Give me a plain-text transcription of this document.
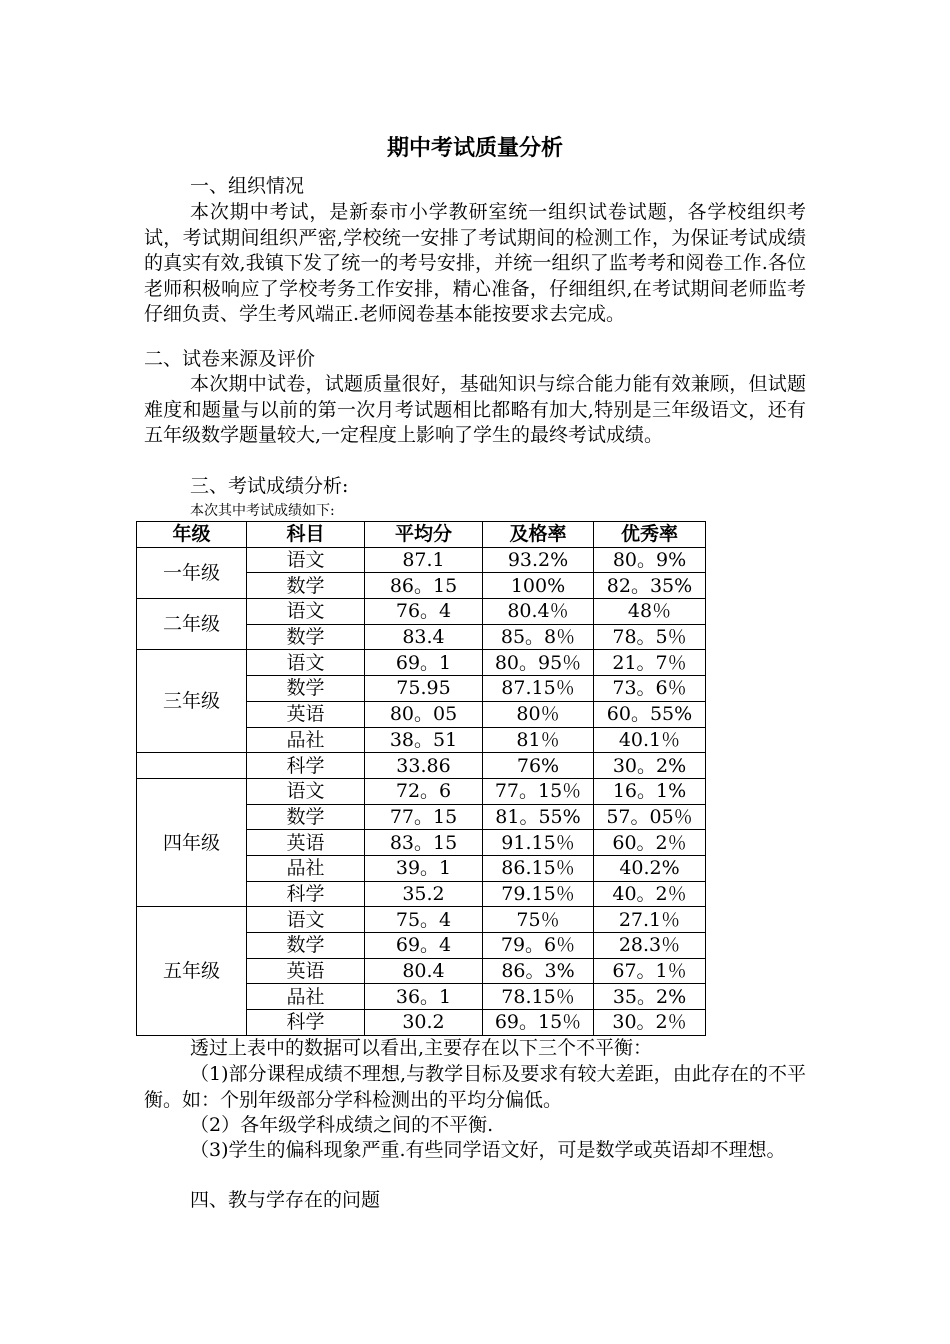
期中考试质量分析
一、组织情况
本次期中考试，是新泰市小学教研室统一组织试卷试题，各学校组织考试，考试期间组织严密,学校统一安排了考试期间的检测工作，为保证考试成绩的真实有效,我镇下发了统一的考号安排，并统一组织了监考考和阅卷工作.各位老师积极响应了学校考务工作安排，精心准备，仔细组织,在考试期间老师监考仔细负责、学生考风端正.老师阅卷基本能按要求去完成。
二、试卷来源及评价
本次期中试卷，试题质量很好，基础知识与综合能力能有效兼顾，但试题难度和题量与以前的第一次月考试题相比都略有加大,特别是三年级语文，还有五年级数学题量较大,一定程度上影响了学生的最终考试成绩。
三、考试成绩分析:
本次其中考试成绩如下:
年级	科目	平均分	及格率	优秀率
一年级	语文	87.1	93.2%	80。9%
	数学	86。15	100%	82。35%
二年级	语文	76。4	80.4％	48％
	数学	83.4	85。8％	78。5％
三年级	语文	69。1	80。95％	21。7％
	数学	75.95	87.15％	73。6％
	英语	80。05	80％	60。55%
	品社	38。51	81％	40.1％
	科学	33.86	76%	30。2%
四年级	语文	72。6	77。15％	16。1%
	数学	77。15	81。55%	57。05％
	英语	83。15	91.15％	60。2％
	品社	39。1	86.15％	40.2%
	科学	35.2	79.15％	40。2％
五年级	语文	75。4	75％	27.1％
	数学	69。4	79。6％	28.3％
	英语	80.4	86。3%	67。1％
	品社	36。1	78.15％	35。2%
	科学	30.2	69。15％	30。2％
透过上表中的数据可以看出,主要存在以下三个不平衡：
（1)部分课程成绩不理想,与教学目标及要求有较大差距，由此存在的不平衡。如：个别年级部分学科检测出的平均分偏低。
（2）各年级学科成绩之间的不平衡.
（3)学生的偏科现象严重.有些同学语文好，可是数学或英语却不理想。
四、教与学存在的问题
